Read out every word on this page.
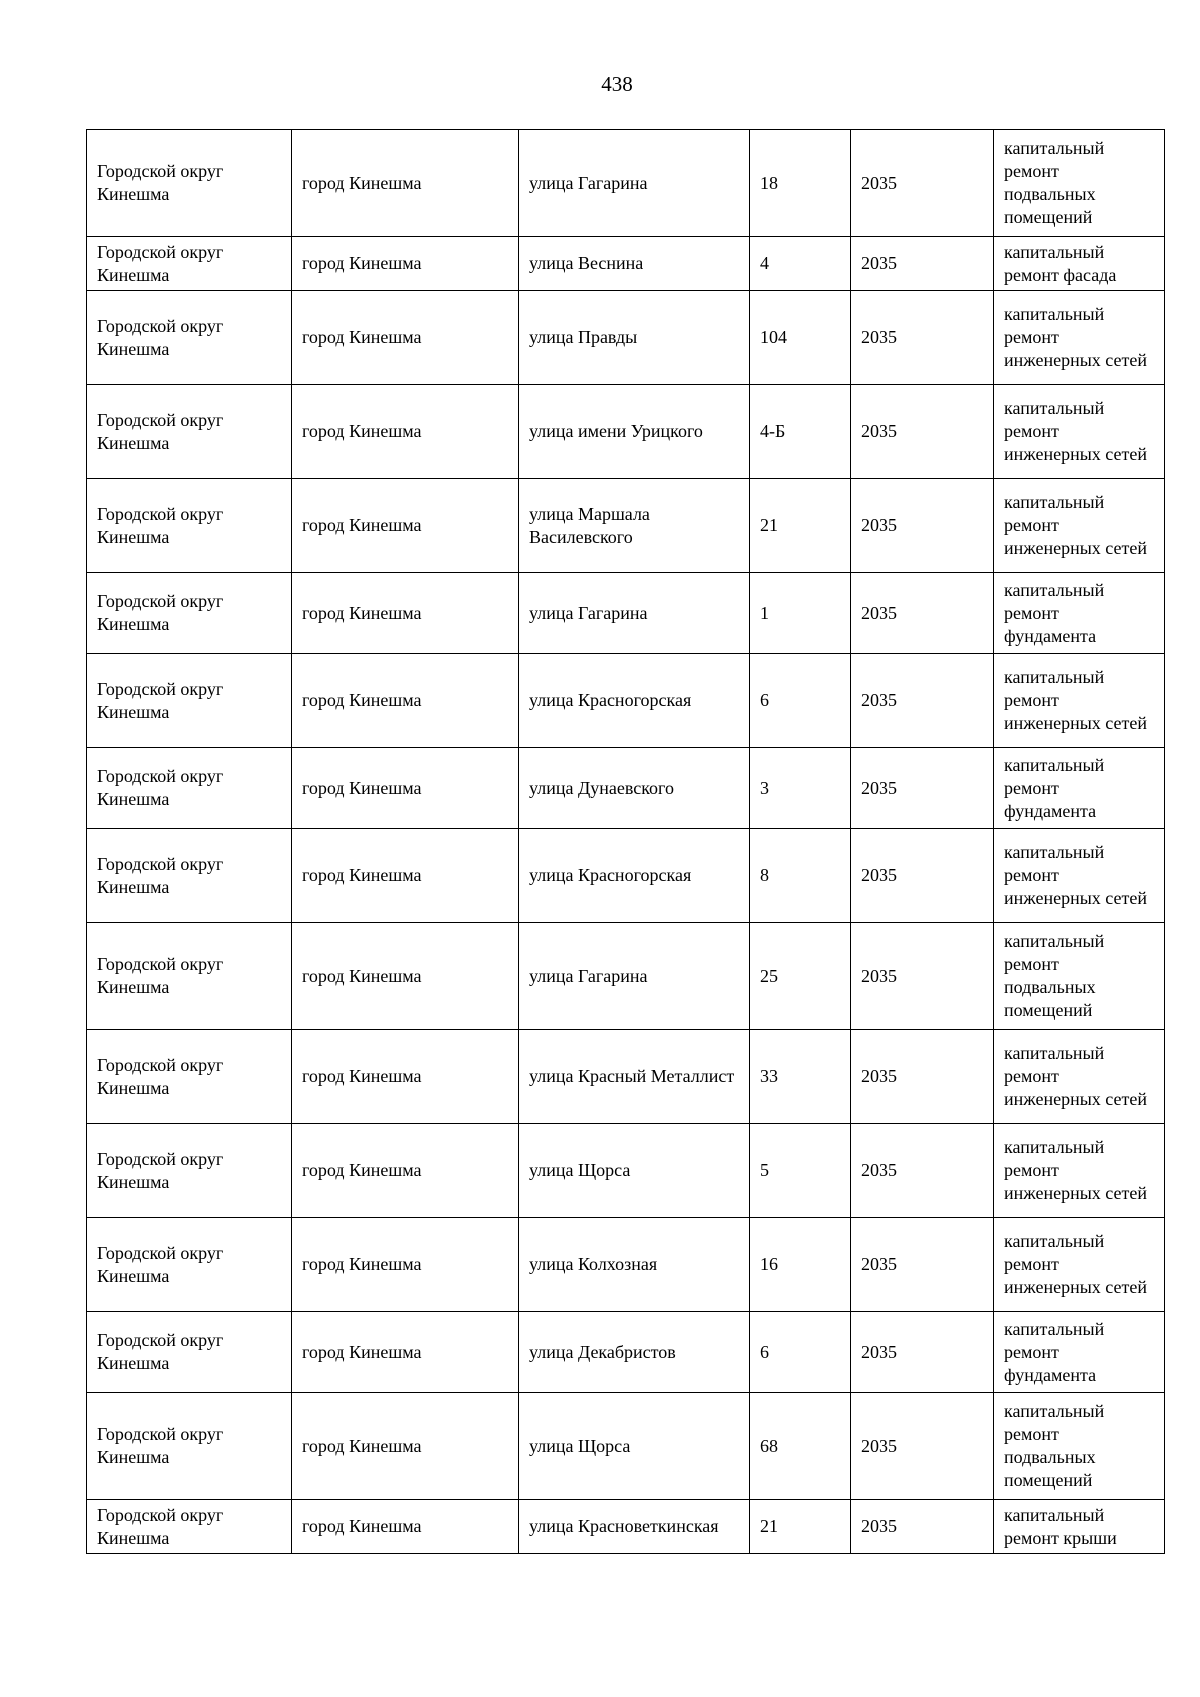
438
Городской округ Кинешма	город Кинешма	улица Гагарина	18	2035	капитальный ремонт подвальных помещений
Городской округ Кинешма	город Кинешма	улица Веснина	4	2035	капитальный ремонт фасада
Городской округ Кинешма	город Кинешма	улица Правды	104	2035	капитальный ремонт инженерных сетей
Городской округ Кинешма	город Кинешма	улица имени Урицкого	4-Б	2035	капитальный ремонт инженерных сетей
Городской округ Кинешма	город Кинешма	улица Маршала Василевского	21	2035	капитальный ремонт инженерных сетей
Городской округ Кинешма	город Кинешма	улица Гагарина	1	2035	капитальный ремонт фундамента
Городской округ Кинешма	город Кинешма	улица Красногорская	6	2035	капитальный ремонт инженерных сетей
Городской округ Кинешма	город Кинешма	улица Дунаевского	3	2035	капитальный ремонт фундамента
Городской округ Кинешма	город Кинешма	улица Красногорская	8	2035	капитальный ремонт инженерных сетей
Городской округ Кинешма	город Кинешма	улица Гагарина	25	2035	капитальный ремонт подвальных помещений
Городской округ Кинешма	город Кинешма	улица Красный Металлист	33	2035	капитальный ремонт инженерных сетей
Городской округ Кинешма	город Кинешма	улица Щорса	5	2035	капитальный ремонт инженерных сетей
Городской округ Кинешма	город Кинешма	улица Колхозная	16	2035	капитальный ремонт инженерных сетей
Городской округ Кинешма	город Кинешма	улица Декабристов	6	2035	капитальный ремонт фундамента
Городской округ Кинешма	город Кинешма	улица Щорса	68	2035	капитальный ремонт подвальных помещений
Городской округ Кинешма	город Кинешма	улица Красноветкинская	21	2035	капитальный ремонт крыши
